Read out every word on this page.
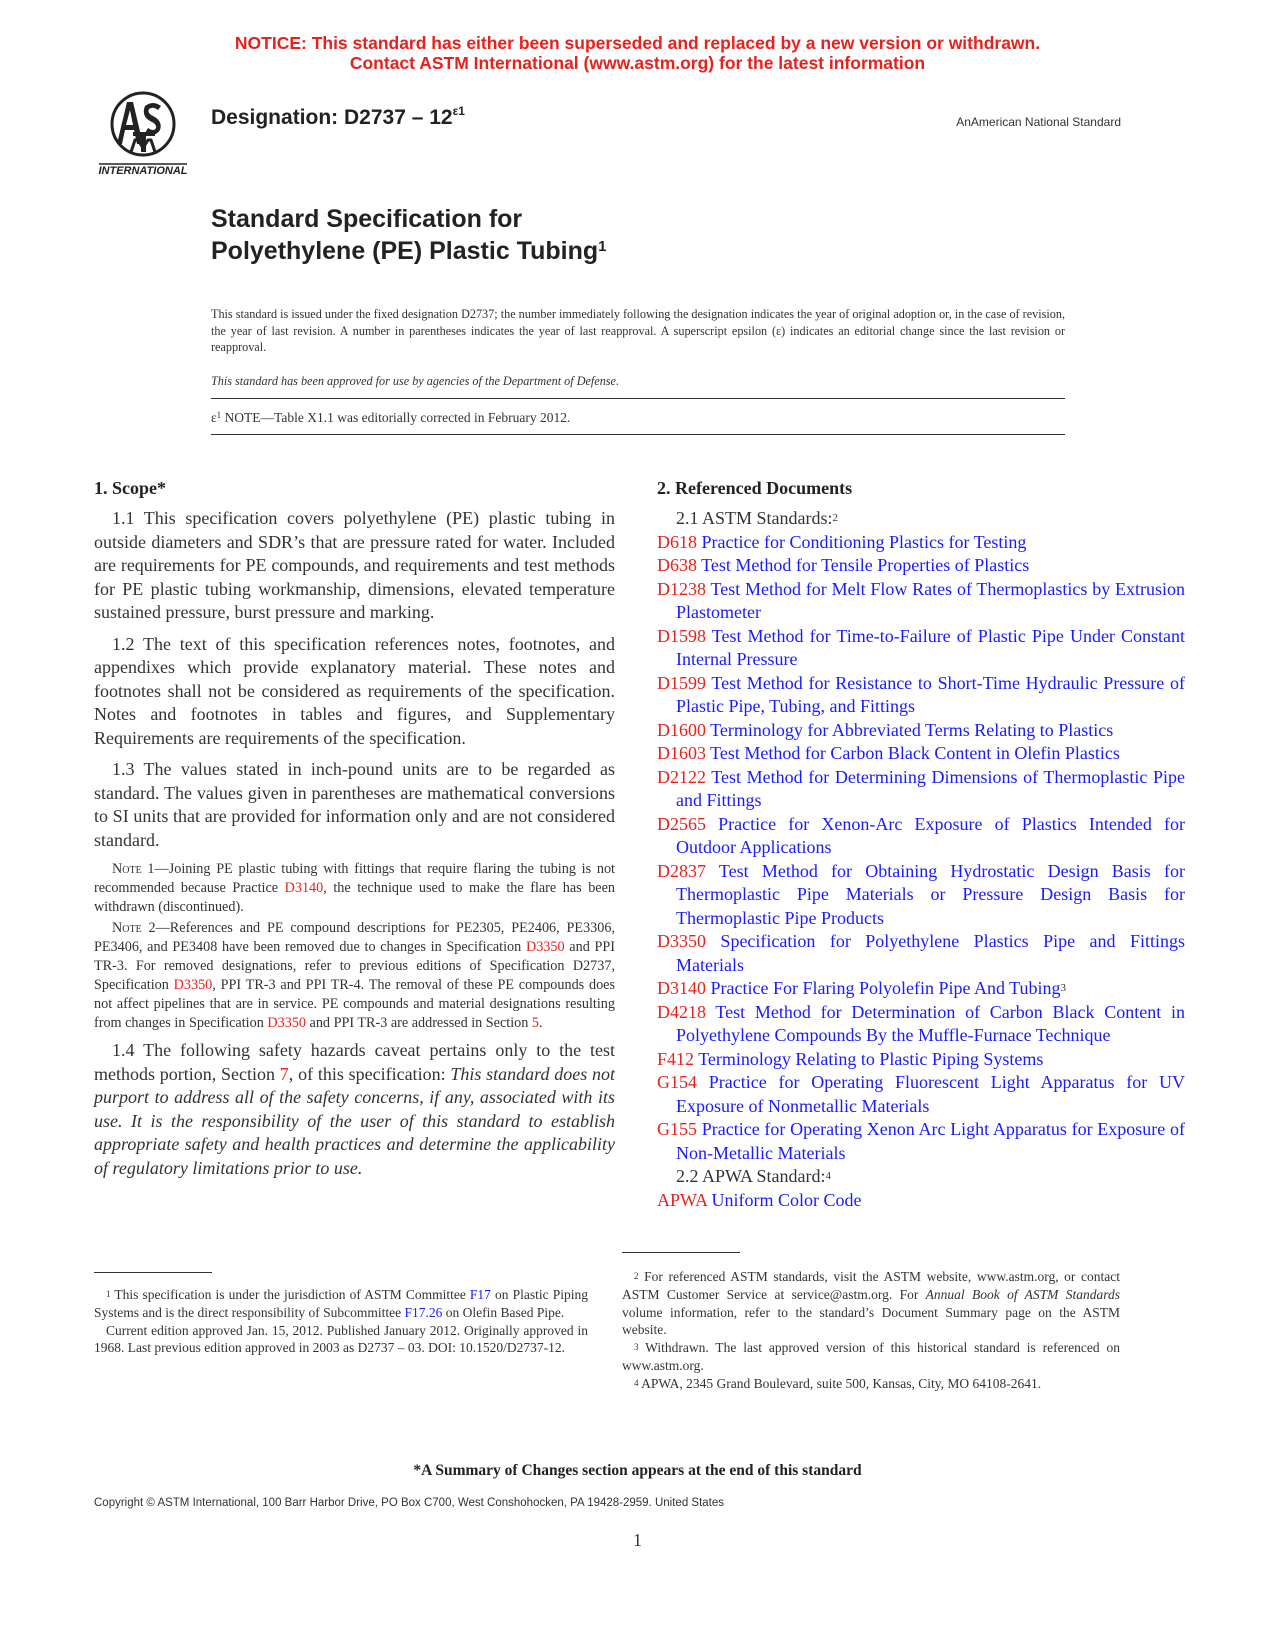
NOTICE: This standard has either been superseded and replaced by a new version or withdrawn.
Contact ASTM International (www.astm.org) for the latest information
INTERNATIONAL
Designation: $D2737 - 12^{\varepsilon 1}$
AnAmerican National Standard
Standard Specification for
Polyethylene (PE) Plastic Tubing$^1$
This standard is issued under the fixed designation D2737; the number immediately following the designation indicates the year of original adoption or, in the case of revision, the year of last revision. A number in parentheses indicates the year of last reapproval. A superscript epsilon (ε) indicates an editorial change since the last revision or reapproval.
This standard has been approved for use by agencies of the Department of Defense.
$\varepsilon^1$ NOTE—Table X1.1 was editorially corrected in February 2012.
1. Scope*

1.1 This specification covers polyethylene (PE) plastic tubing in outside diameters and SDR’s that are pressure rated for water. Included are requirements for PE compounds, and requirements and test methods for PE plastic tubing workmanship, dimensions, elevated temperature sustained pressure, burst pressure and marking.

1.2 The text of this specification references notes, footnotes, and appendixes which provide explanatory material. These notes and footnotes shall not be considered as requirements of the specification. Notes and footnotes in tables and figures, and Supplementary Requirements are requirements of the specification.

1.3 The values stated in inch-pound units are to be regarded as standard. The values given in parentheses are mathematical conversions to SI units that are provided for information only and are not considered standard.

Note 1—Joining PE plastic tubing with fittings that require flaring the tubing is not recommended because Practice D3140, the technique used to make the flare has been withdrawn (discontinued).

Note 2—References and PE compound descriptions for PE2305, PE2406, PE3306, PE3406, and PE3408 have been removed due to changes in Specification D3350 and PPI TR-3. For removed designations, refer to previous editions of Specification D2737, Specification D3350, PPI TR-3 and PPI TR-4. The removal of these PE compounds does not affect pipelines that are in service. PE compounds and material designations resulting from changes in Specification D3350 and PPI TR-3 are addressed in Section 5.

1.4 The following safety hazards caveat pertains only to the test methods portion, Section 7, of this specification: This standard does not purport to address all of the safety concerns, if any, associated with its use. It is the responsibility of the user of this standard to establish appropriate safety and health practices and determine the applicability of regulatory limitations prior to use.

2. Referenced Documents
2.1 ASTM Standards:$^2$
D618 Practice for Conditioning Plastics for Testing
D638 Test Method for Tensile Properties of Plastics
D1238 Test Method for Melt Flow Rates of Thermoplastics by Extrusion Plastometer
D1598 Test Method for Time-to-Failure of Plastic Pipe Under Constant Internal Pressure
D1599 Test Method for Resistance to Short-Time Hydraulic Pressure of Plastic Pipe, Tubing, and Fittings
D1600 Terminology for Abbreviated Terms Relating to Plastics
D1603 Test Method for Carbon Black Content in Olefin Plastics
D2122 Test Method for Determining Dimensions of Thermoplastic Pipe and Fittings
D2565 Practice for Xenon-Arc Exposure of Plastics Intended for Outdoor Applications
D2837 Test Method for Obtaining Hydrostatic Design Basis for Thermoplastic Pipe Materials or Pressure Design Basis for Thermoplastic Pipe Products
D3350 Specification for Polyethylene Plastics Pipe and Fittings Materials
D3140 Practice For Flaring Polyolefin Pipe And Tubing$^3$
D4218 Test Method for Determination of Carbon Black Content in Polyethylene Compounds By the Muffle-Furnace Technique
F412 Terminology Relating to Plastic Piping Systems
G154 Practice for Operating Fluorescent Light Apparatus for UV Exposure of Nonmetallic Materials
G155 Practice for Operating Xenon Arc Light Apparatus for Exposure of Non-Metallic Materials
2.2 APWA Standard:$^4$
APWA Uniform Color Code

$^1$ This specification is under the jurisdiction of ASTM Committee F17 on Plastic Piping Systems and is the direct responsibility of Subcommittee F17.26 on Olefin Based Pipe.

Current edition approved Jan. 15, 2012. Published January 2012. Originally approved in 1968. Last previous edition approved in 2003 as D2737 – 03. DOI: 10.1520/D2737-12.

$^2$ For referenced ASTM standards, visit the ASTM website, www.astm.org, or contact ASTM Customer Service at service@astm.org. For Annual Book of ASTM Standards volume information, refer to the standard’s Document Summary page on the ASTM website.

$^3$ Withdrawn. The last approved version of this historical standard is referenced on www.astm.org.

$^4$ APWA, 2345 Grand Boulevard, suite 500, Kansas, City, MO 64108-2641.

*A Summary of Changes section appears at the end of this standard
Copyright © ASTM International, 100 Barr Harbor Drive, PO Box C700, West Conshohocken, PA 19428-2959. United States
1
